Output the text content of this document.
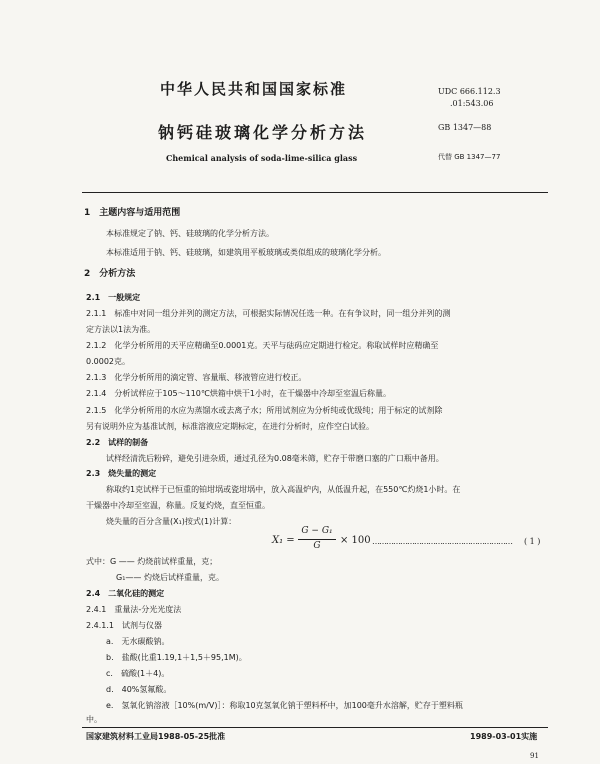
中华人民共和国国家标准	UDC 666.112.3
.01:543.06
钠钙硅玻璃化学分析方法	GB 1347—88
Chemical analysis of soda-lime-silica glass	代替 GB 1347—77
1　主题内容与适用范围
本标准规定了钠、钙、硅玻璃的化学分析方法。
本标准适用于钠、钙、硅玻璃，如建筑用平板玻璃或类似组成的玻璃化学分析。
2　分析方法
2.1　一般规定
2.1.1　标准中对同一组分并列的测定方法，可根据实际情况任选一种。在有争议时，同一组分并列的测
定方法以1法为准。
2.1.2　化学分析所用的天平应精确至0.0001克。天平与砝码应定期进行检定。称取试样时应精确至
0.0002克。
2.1.3　化学分析所用的滴定管、容量瓶、移液管应进行校正。
2.1.4　分析试样应于105～110℃烘箱中烘干1小时，在干燥器中冷却至室温后称量。
2.1.5　化学分析所用的水应为蒸馏水或去离子水；所用试剂应为分析纯或优级纯；用于标定的试剂除
另有说明外应为基准试剂，标准溶液应定期标定，在进行分析时，应作空白试验。
2.2　试样的制备
试样经清洗后粉碎，避免引进杂质，通过孔径为0.08毫米筛，贮存于带磨口塞的广口瓶中备用。
2.3　烧失量的测定
称取约1克试样于已恒重的铂坩埚或瓷坩埚中，放入高温炉内，从低温升起，在550℃灼烧1小时。在
干燥器中冷却至室温，称量。反复灼烧，直至恒重。
烧失量的百分含量(X₁)按式(1)计算：
X₁ =
G − G₁
G	× 100 …………………………………………………… ( 1 )
式中：G —— 灼烧前试样重量，克；
G₁—— 灼烧后试样重量，克。
2.4　二氧化硅的测定
2.4.1　重量法-分光光度法
2.4.1.1　试剂与仪器
a.　无水碳酸钠。
b.　盐酸(比重1.19,1＋1,5＋95,1M)。
c.　硫酸(1＋4)。
d.　40%氢氟酸。
e.　氢氧化钠溶液［10%(m/V)］：称取10克氢氧化钠于塑料杯中，加100毫升水溶解，贮存于塑料瓶
中。
国家建筑材料工业局1988-05-25批准	1989-03-01实施
91
